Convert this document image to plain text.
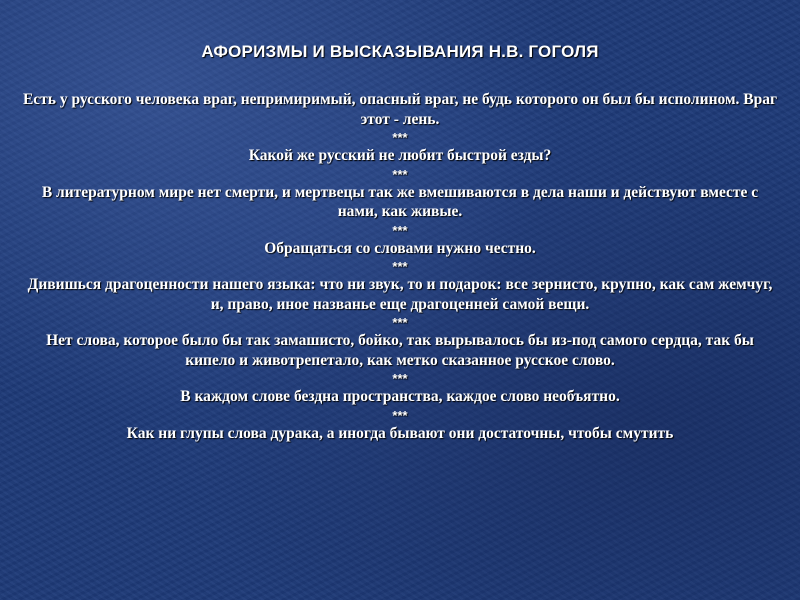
АФОРИЗМЫ И ВЫСКАЗЫВАНИЯ Н.В. ГОГОЛЯ

Есть у русского человека враг, непримиримый, опасный враг, не будь которого он был бы исполином. Враг этот - лень.

***

Какой же русский не любит быстрой езды?

***

В литературном мире нет смерти, и мертвецы так же вмешиваются в дела наши и действуют вместе с нами, как живые.

***

Обращаться со словами нужно честно.

***

Дивишься драгоценности нашего языка: что ни звук, то и подарок: все зернисто, крупно, как сам жемчуг, и, право, иное названье еще драгоценней самой вещи.

***

Нет слова, которое было бы так замашисто, бойко, так вырывалось бы из-под самого сердца, так бы кипело и животрепетало, как метко сказанное русское слово.

***

В каждом слове бездна пространства, каждое слово необъятно.

***

Как ни глупы слова дурака, а иногда бывают они достаточны, чтобы смутить
